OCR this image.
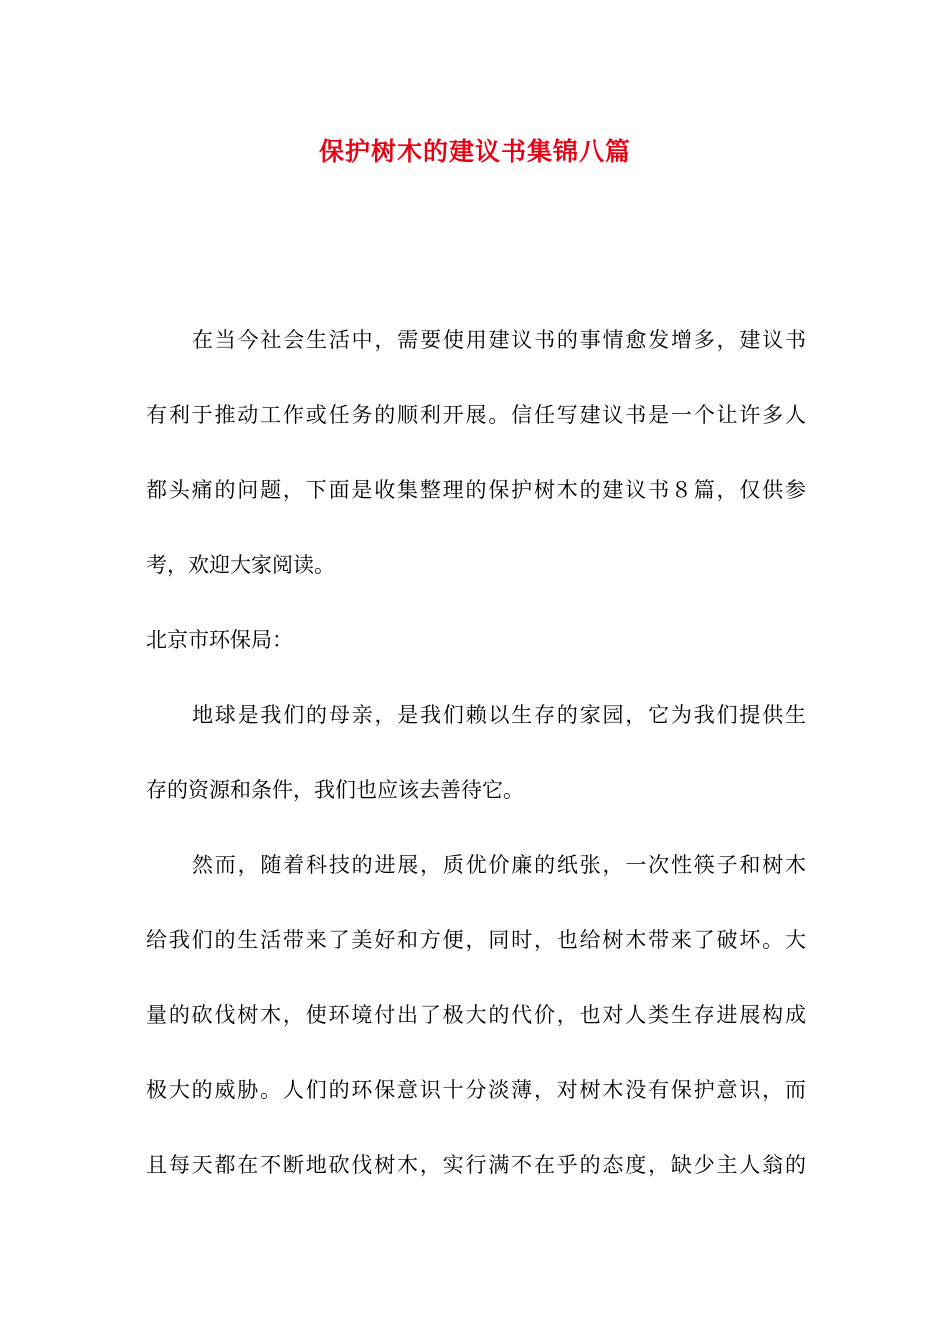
保护树木的建议书集锦八篇
在当今社会生活中，需要使用建议书的事情愈发增多，建议书
有利于推动工作或任务的顺利开展。信任写建议书是一个让许多人
都头痛的问题，下面是收集整理的保护树木的建议书８篇，仅供参
考，欢迎大家阅读。
北京市环保局：
地球是我们的母亲，是我们赖以生存的家园，它为我们提供生
存的资源和条件，我们也应该去善待它。
然而，随着科技的进展，质优价廉的纸张，一次性筷子和树木
给我们的生活带来了美好和方便，同时，也给树木带来了破坏。大
量的砍伐树木，使环境付出了极大的代价，也对人类生存进展构成
极大的威胁。人们的环保意识十分淡薄，对树木没有保护意识，而
且每天都在不断地砍伐树木，实行满不在乎的态度，缺少主人翁的
